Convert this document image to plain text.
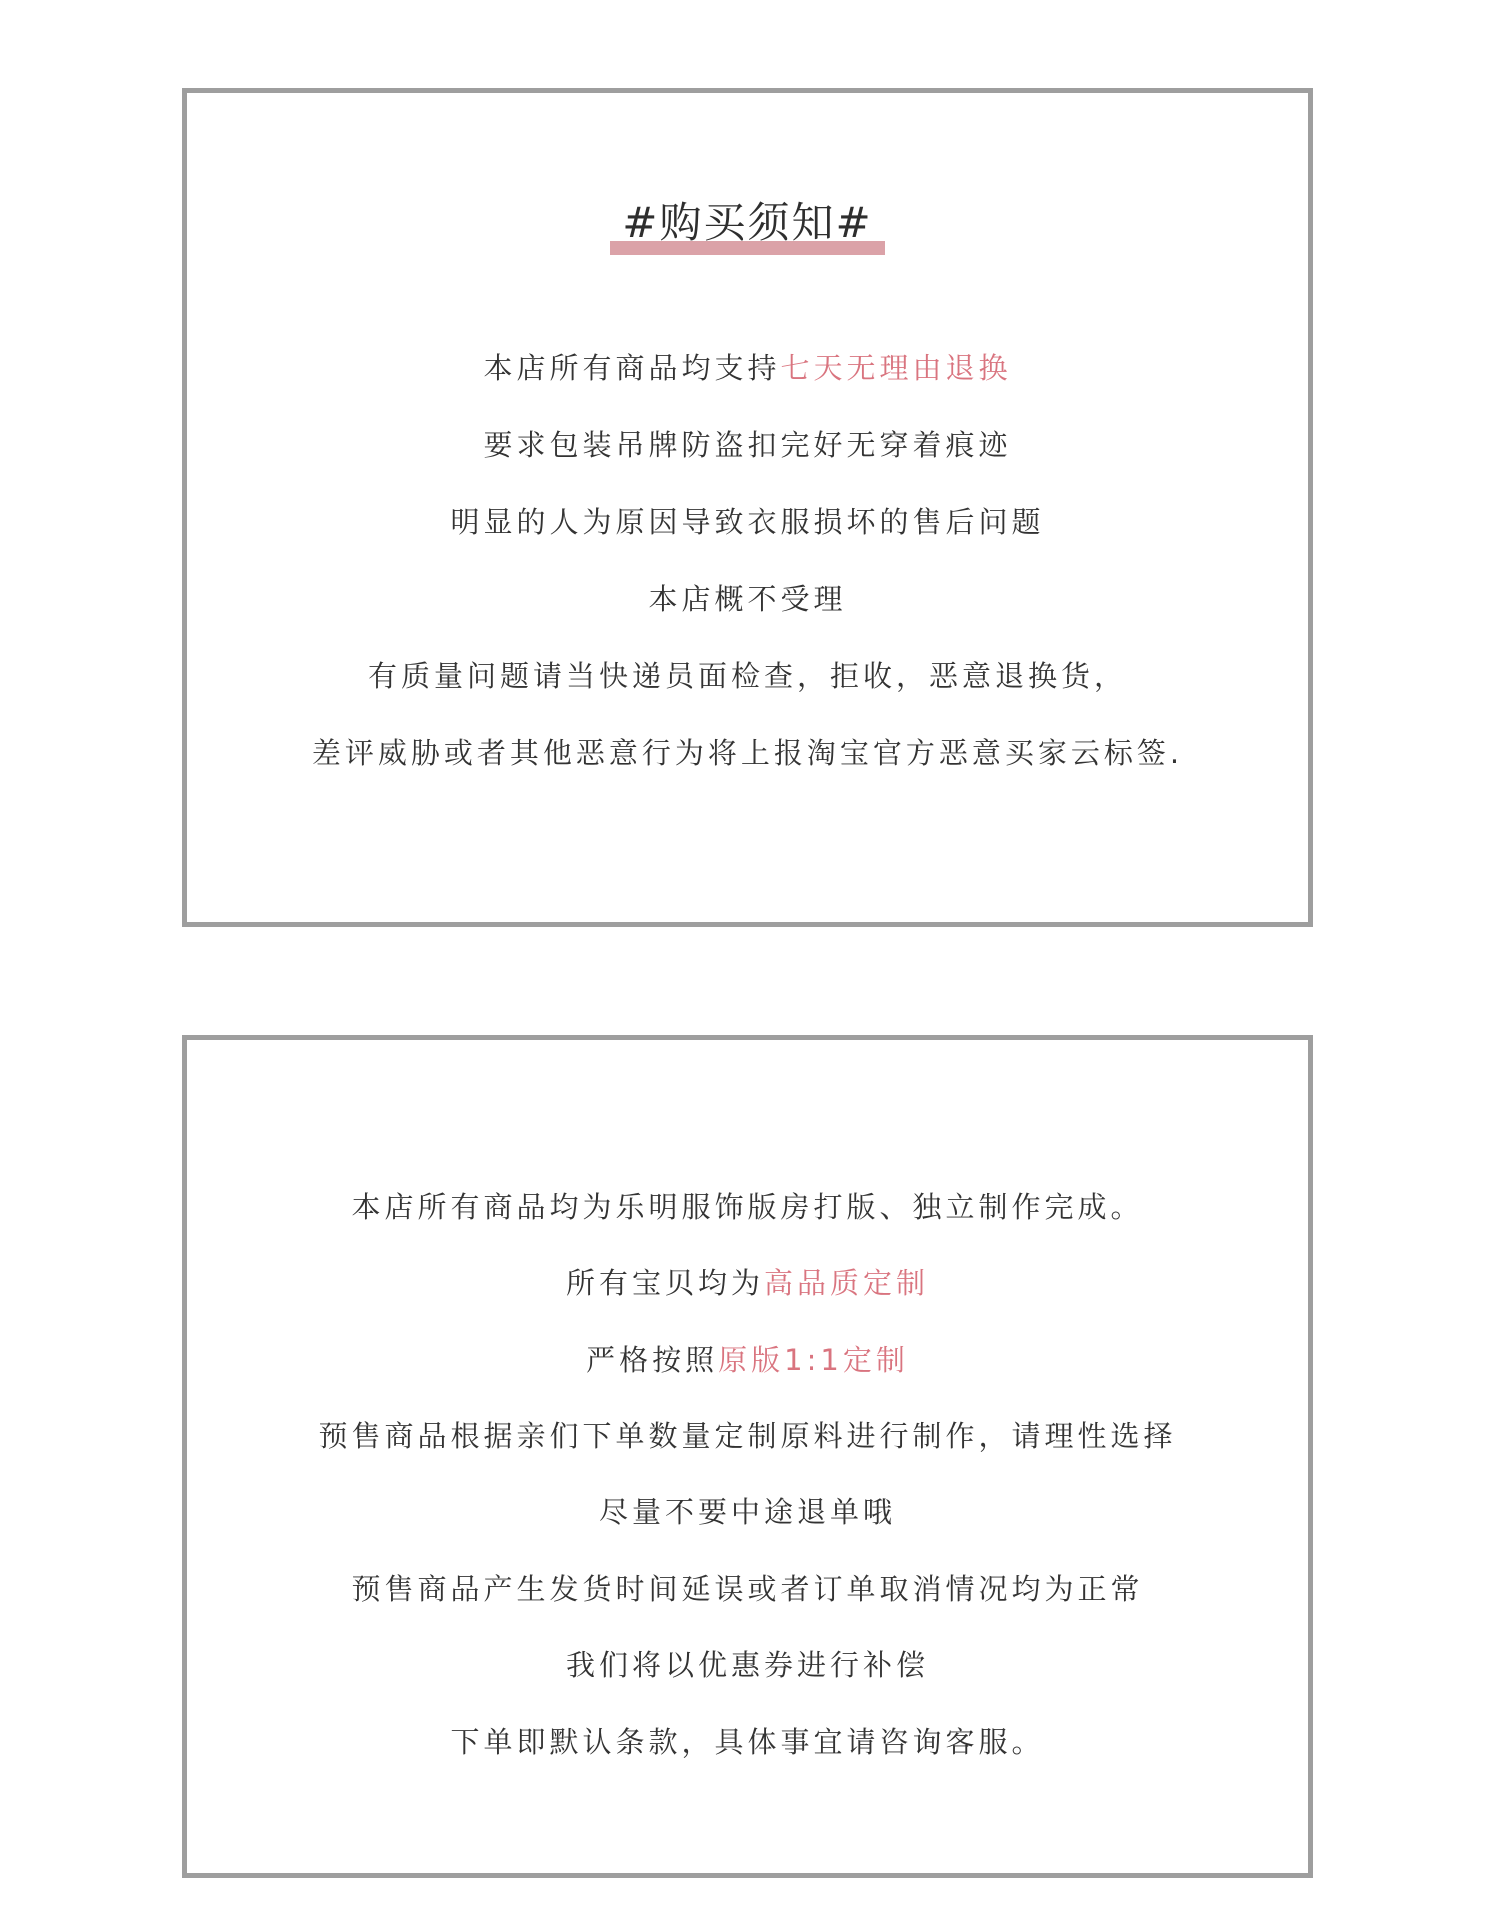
#购买须知#
本店所有商品均支持七天无理由退换
要求包装吊牌防盗扣完好无穿着痕迹
明显的人为原因导致衣服损坏的售后问题
本店概不受理
有质量问题请当快递员面检查，拒收，恶意退换货，
差评威胁或者其他恶意行为将上报淘宝官方恶意买家云标签.
本店所有商品均为乐明服饰版房打版、独立制作完成。
所有宝贝均为高品质定制
严格按照原版1:1定制
预售商品根据亲们下单数量定制原料进行制作，请理性选择
尽量不要中途退单哦
预售商品产生发货时间延误或者订单取消情况均为正常
我们将以优惠券进行补偿
下单即默认条款，具体事宜请咨询客服。
